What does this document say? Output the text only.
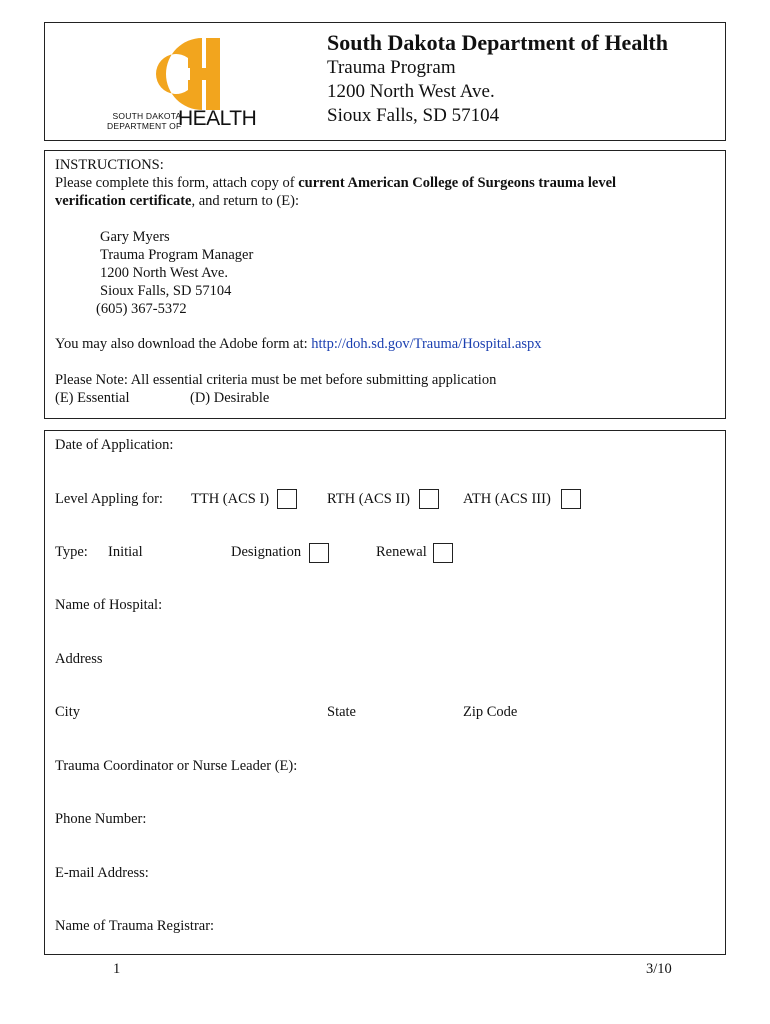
SOUTH DAKOTA
DEPARTMENT OF
HEALTH
South Dakota Department of Health
Trauma Program
1200 North West Ave.
Sioux Falls, SD 57104
INSTRUCTIONS:
Please complete this form, attach copy of current American College of Surgeons trauma level
verification certificate, and return to (E):
Gary Myers
Trauma Program Manager
1200 North West Ave.
Sioux Falls, SD 57104
(605) 367-5372
You may also download the Adobe form at: http://doh.sd.gov/Trauma/Hospital.aspx
Please Note: All essential criteria must be met before submitting application
(E) Essential	(D) Desirable
Date of Application:
Level Appling for: TTH (ACS I)	RTH (ACS II)	ATH (ACS III)
Type: Initial	Designation	Renewal
Name of Hospital:
Address
City	State	Zip Code
Trauma Coordinator or Nurse Leader (E):
Phone Number:
E-mail Address:
Name of Trauma Registrar:
1	3/10
